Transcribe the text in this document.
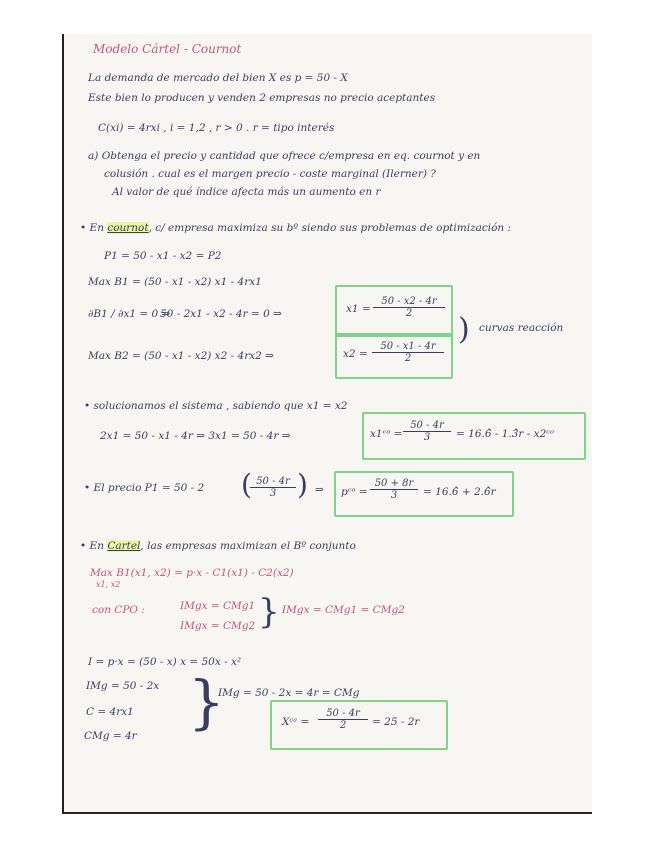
Modelo Cártel - Cournot
La demanda de mercado del bien X es p = 50 - X
Este bien lo producen y venden 2 empresas no precio aceptantes
C(xi) = 4rxi , i = 1,2 , r > 0 . r = tipo interés
a) Obtenga el precio y cantidad que ofrece c/empresa en eq. cournot y en
colusión . cual es el margen precio - coste marginal (Ilerner) ?
Al valor de qué índice afecta más un aumento en r
• En cournot, c/ empresa maximiza su bº siendo sus problemas de optimización :
P1 = 50 - x1 - x2 = P2
Max B1 = (50 - x1 - x2) x1 - 4rx1
∂B1 / ∂x1 = 0 ⇒
50 - 2x1 - x2 - 4r = 0 ⇒	$x1 = \frac{50 - x2 - 4r}{2}$
) curvas reacción
Max B2 = (50 - x1 - x2) x2 - 4rx2 ⇒	$x2 = \frac{50 - x1 - 4r}{2}$
• solucionamos el sistema , sabiendo que x1 = x2
2x1 = 50 - x1 - 4r ⇒ 3x1 = 50 - 4r ⇒	x1ᶜᵒ = $\frac{50 - 4r}{3}$ = 16.6̂ - 1.3̂r - x2ᶜᵒ
• El precio P1 = 50 - 2 (
$\frac{50 - 4r}{3}$ ) ⇒ pᶜᵒ = $\frac{50 + 8r}{3}$ = 16.6̂ + 2.6̂r
• En Cartel, las empresas maximizan el Bº conjunto
Max B1(x1, x2) = p·x - C1(x1) - C2(x2)
x1, x2
con CPO :	IMgx = CMg1
IMgx = CMg2 } IMgx = CMg1 = CMg2
I = p·x = (50 - x) x = 50x - x²
IMg = 50 - 2x
C = 4rx1
CMg = 4r }
IMg = 50 - 2x = 4r = CMg
Xᶜᵃ = $\frac{50 - 4r}{2} = 25 - 2r$
